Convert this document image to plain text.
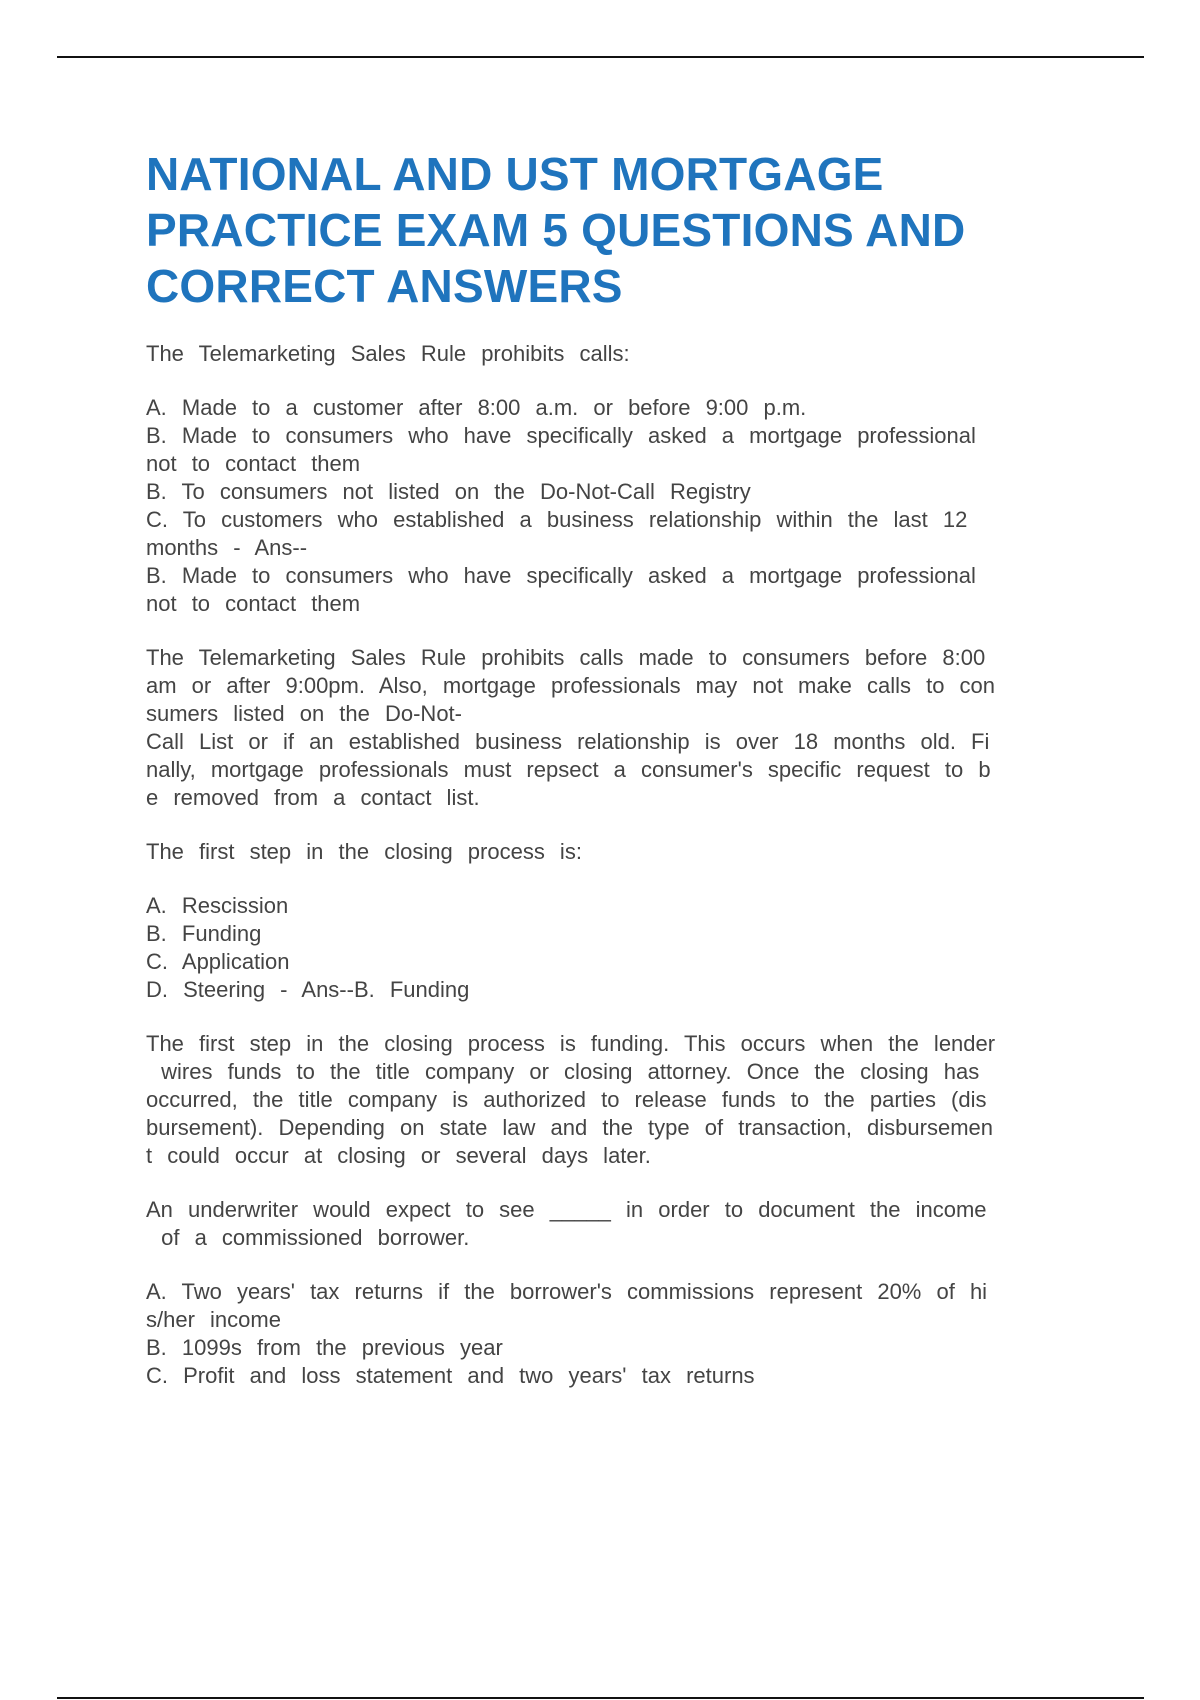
NATIONAL AND UST MORTGAGE
PRACTICE EXAM 5 QUESTIONS AND
CORRECT ANSWERS
The Telemarketing Sales Rule prohibits calls:
A. Made to a customer after 8:00 a.m. or before 9:00 p.m.
B. Made to consumers who have specifically asked a mortgage professional
not to contact them
B. To consumers not listed on the Do-Not-Call Registry
C. To customers who established a business relationship within the last 12
months - Ans--
B. Made to consumers who have specifically asked a mortgage professional
not to contact them
The Telemarketing Sales Rule prohibits calls made to consumers before 8:00
am or after 9:00pm. Also, mortgage professionals may not make calls to con
sumers listed on the Do-Not-
Call List or if an established business relationship is over 18 months old. Fi
nally, mortgage professionals must repsect a consumer's specific request to b
e removed from a contact list.
The first step in the closing process is:
A. Rescission
B. Funding
C. Application
D. Steering - Ans--B. Funding
The first step in the closing process is funding. This occurs when the lender
wires funds to the title company or closing attorney. Once the closing has
occurred, the title company is authorized to release funds to the parties (dis
bursement). Depending on state law and the type of transaction, disbursemen
t could occur at closing or several days later.
An underwriter would expect to see _____ in order to document the income
of a commissioned borrower.
A. Two years' tax returns if the borrower's commissions represent 20% of hi
s/her income
B. 1099s from the previous year
C. Profit and loss statement and two years' tax returns
